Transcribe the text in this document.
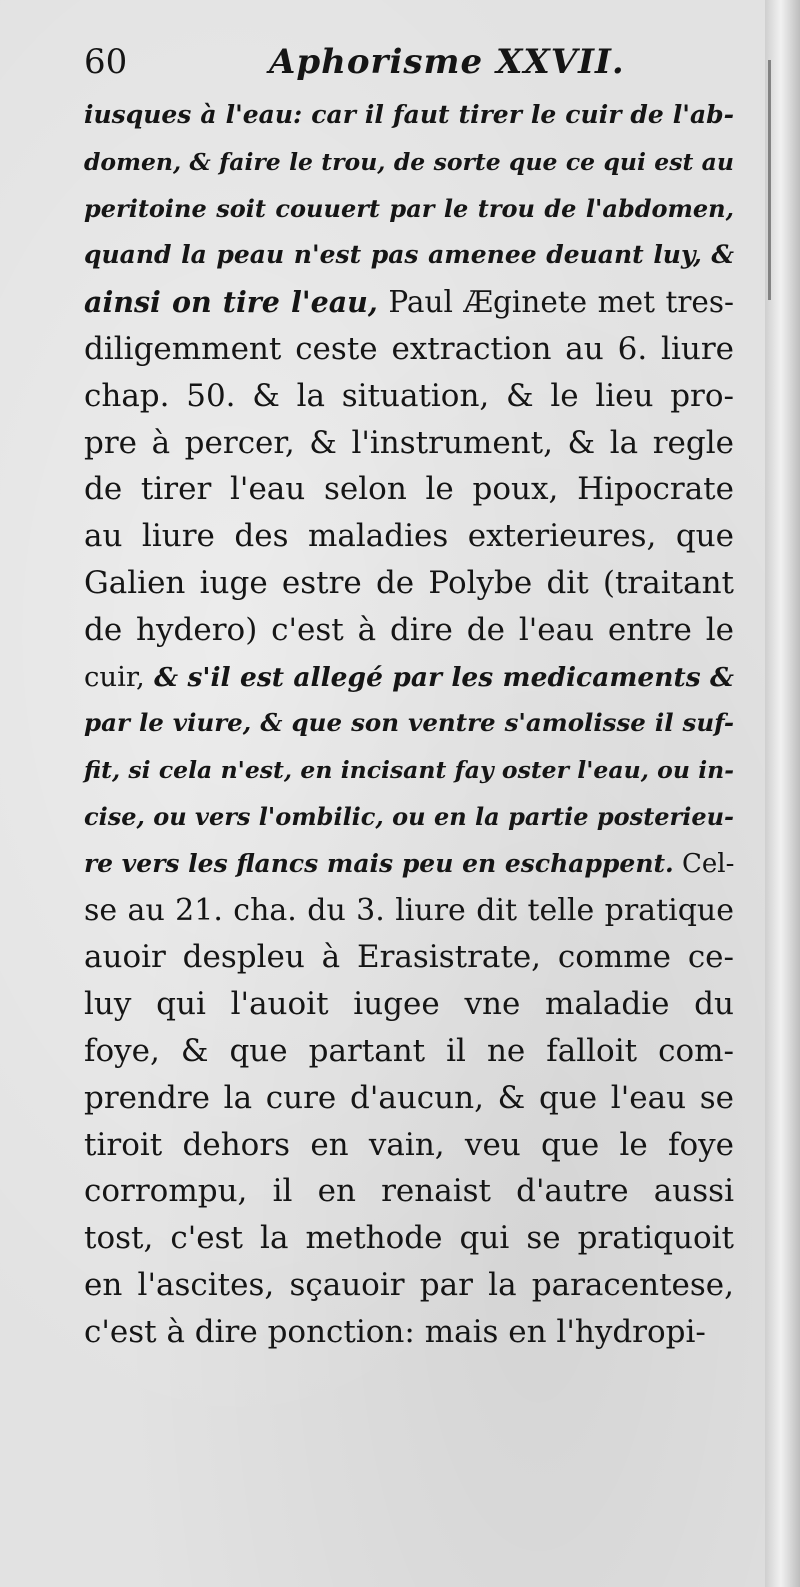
60	Aphorisme XXVII.
iusques à l'eau: car il faut tirer le cuir de l'ab-
domen, & faire le trou, de sorte que ce qui est au
peritoine soit couuert par le trou de l'abdomen,
quand la peau n'est pas amenee deuant luy, &
ainsi on tire l'eau, Paul Æginete met tres-
diligemment ceste extraction au 6. liure
chap. 50. & la situation, & le lieu pro-
pre à percer, & l'instrument, & la regle
de tirer l'eau selon le poux, Hipocrate
au liure des maladies exterieures, que
Galien iuge estre de Polybe dit (traitant
de hydero) c'est à dire de l'eau entre le
cuir, & s'il est allegé par les medicaments &
par le viure, & que son ventre s'amolisse il suf-
fit, si cela n'est, en incisant fay oster l'eau, ou in-
cise, ou vers l'ombilic, ou en la partie posterieu-
re vers les flancs mais peu en eschappent. Cel-
se au 21. cha. du 3. liure dit telle pratique
auoir despleu à Erasistrate, comme ce-
luy qui l'auoit iugee vne maladie du
foye, & que partant il ne falloit com-
prendre la cure d'aucun, & que l'eau se
tiroit dehors en vain, veu que le foye
corrompu, il en renaist d'autre aussi
tost, c'est la methode qui se pratiquoit
en l'ascites, sçauoir par la paracentese,
c'est à dire ponction: mais en l'hydropi-
